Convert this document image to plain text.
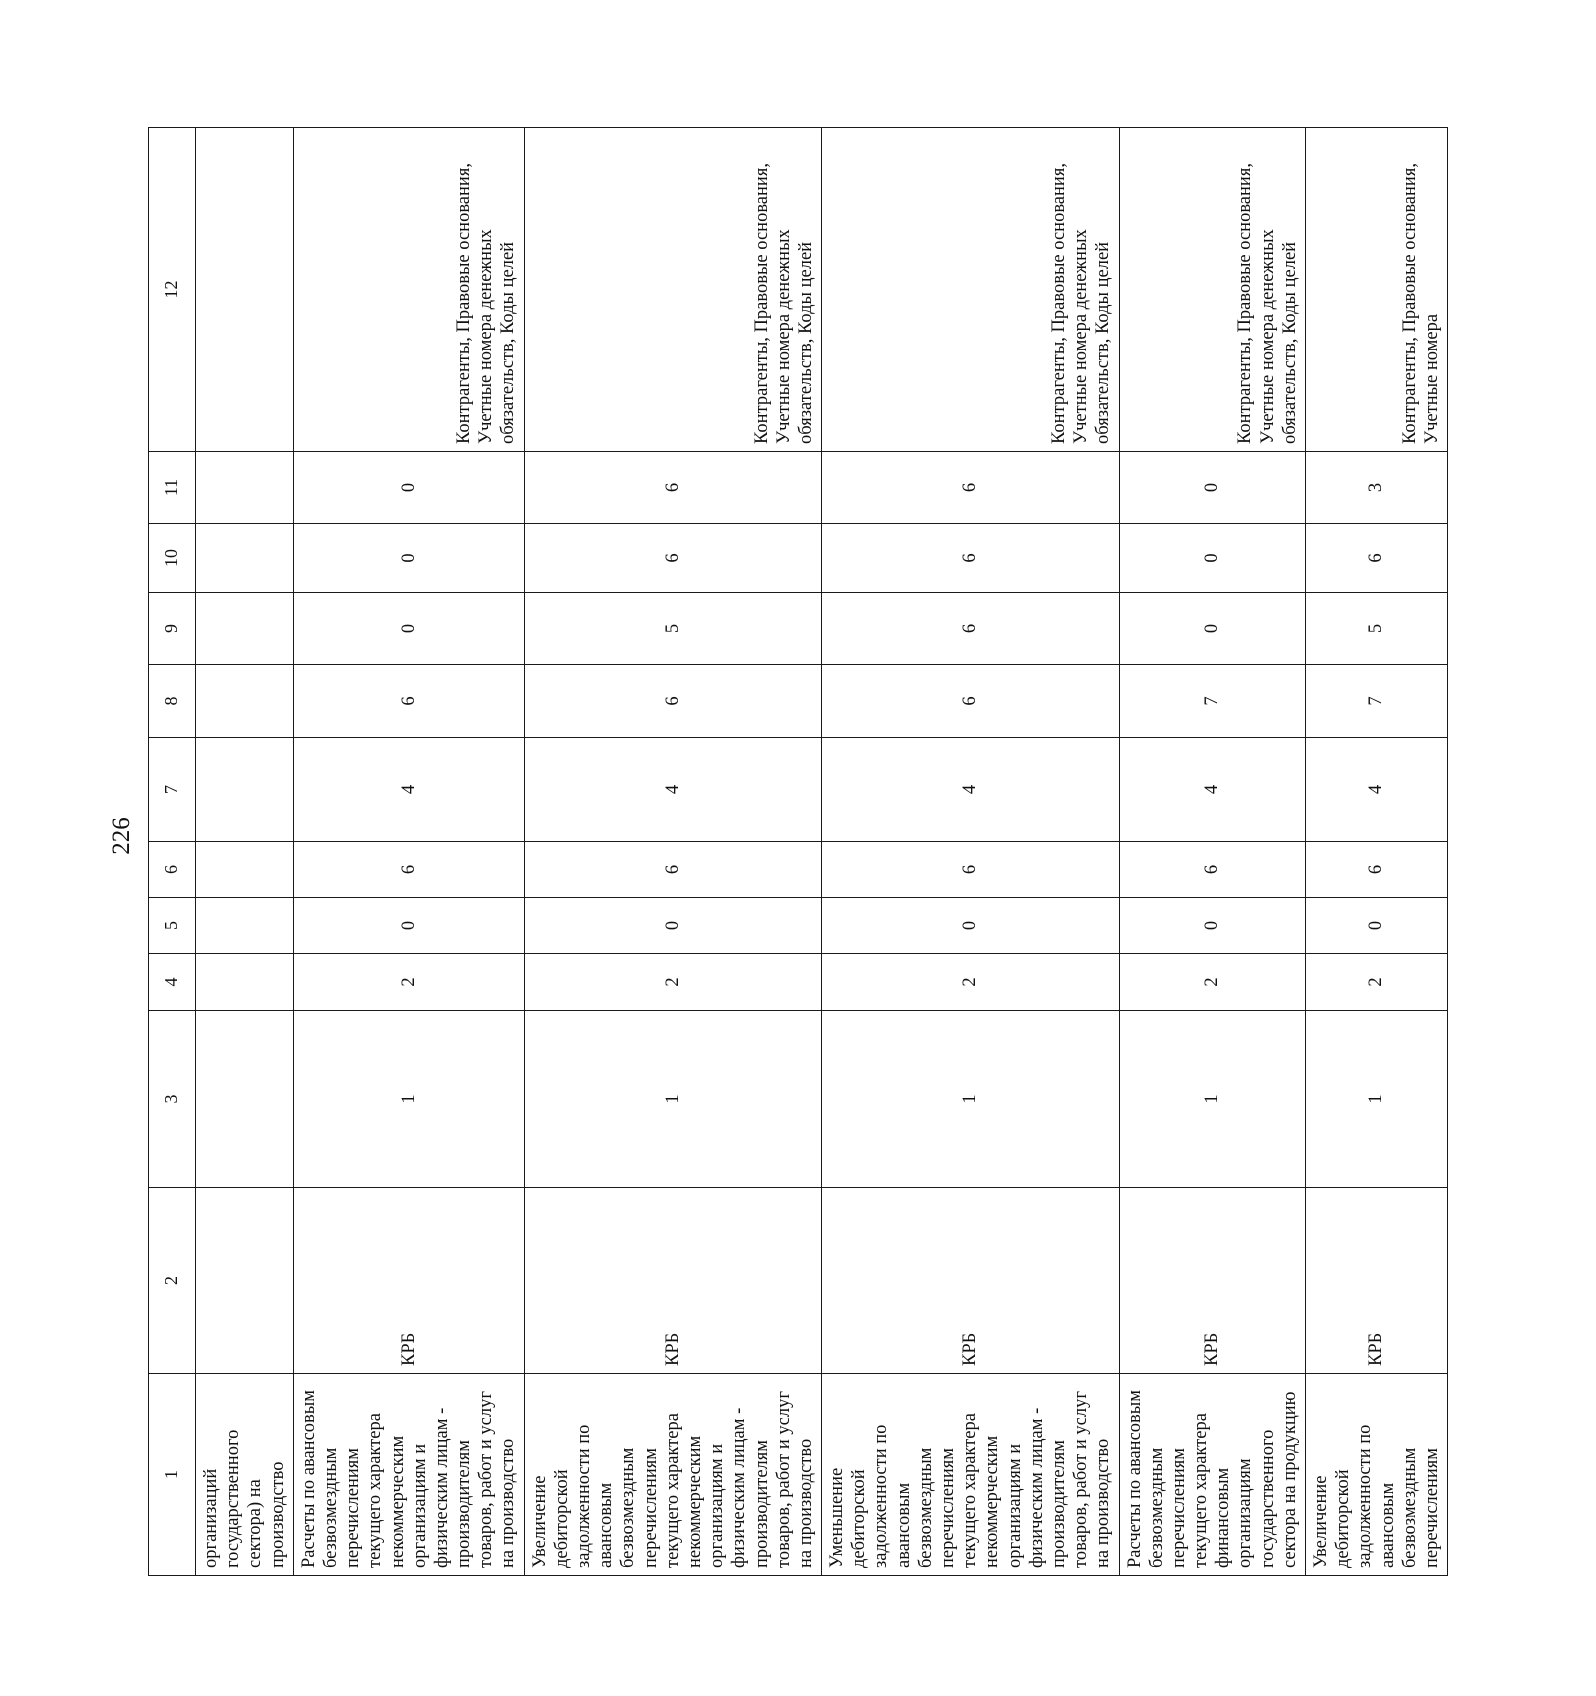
226
1	2	3	4	5	6	7	8	9	10	11	12
организаций государственного сектора) на производство											
Расчеты по авансовым безвозмездным перечислениям текущего характера некоммерческим организациям и физическим лицам - производителям товаров, работ и услуг на производство	КРБ	1	2	0	6	4	6	0	0	0	Контрагенты, Правовые основания, Учетные номера денежных обязательств, Коды целей
Увеличение дебиторской задолженности по авансовым безвозмездным перечислениям текущего характера некоммерческим организациям и физическим лицам - производителям товаров, работ и услуг на производство	КРБ	1	2	0	6	4	6	5	6	6	Контрагенты, Правовые основания, Учетные номера денежных обязательств, Коды целей
Уменьшение дебиторской задолженности по авансовым безвозмездным перечислениям текущего характера некоммерческим организациям и физическим лицам - производителям товаров, работ и услуг на производство	КРБ	1	2	0	6	4	6	6	6	6	Контрагенты, Правовые основания, Учетные номера денежных обязательств, Коды целей
Расчеты по авансовым безвозмездным перечислениям текущего характера финансовым организациям государственного сектора на продукцию	КРБ	1	2	0	6	4	7	0	0	0	Контрагенты, Правовые основания, Учетные номера денежных обязательств, Коды целей
Увеличение дебиторской задолженности по авансовым безвозмездным перечислениям	КРБ	1	2	0	6	4	7	5	6	3	Контрагенты, Правовые основания, Учетные номера
